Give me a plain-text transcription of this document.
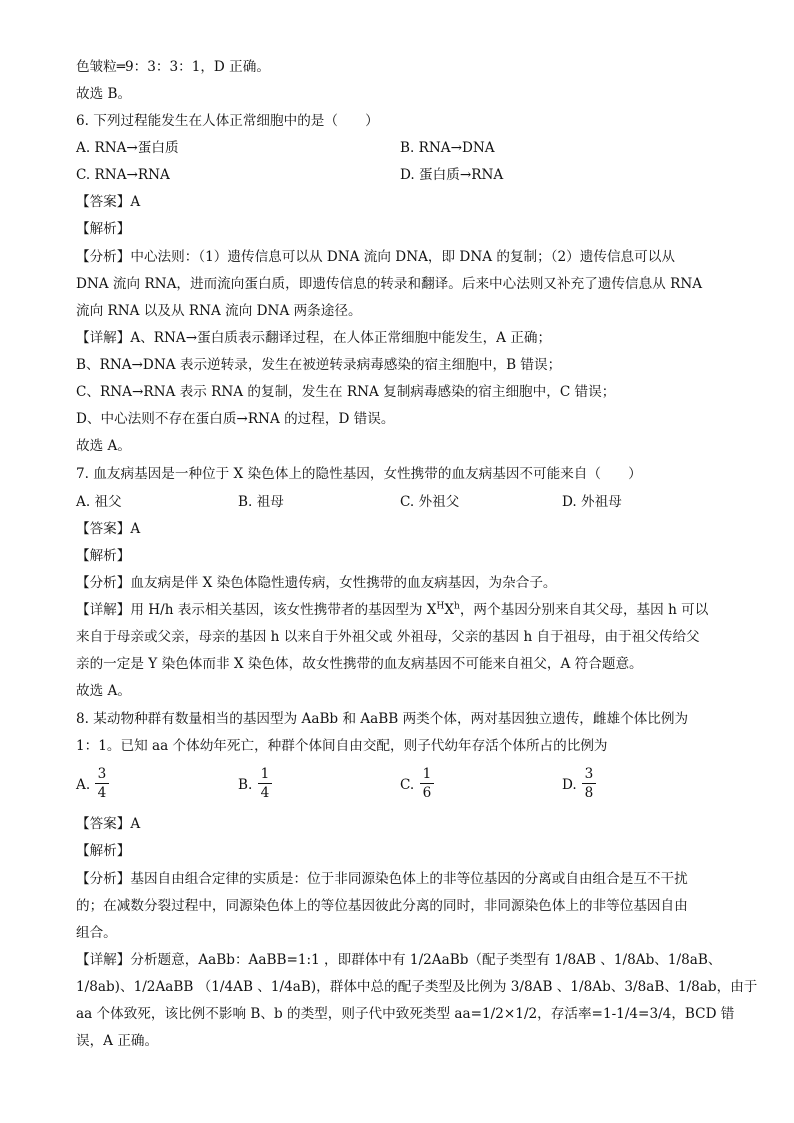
色皱粒═9：3：3：1，D 正确。
故选 B。
6. 下列过程能发生在人体正常细胞中的是（　　）
A. RNA→蛋白质	B. RNA→DNA
C. RNA→RNA	D. 蛋白质→RNA
【答案】A
【解析】
【分析】中心法则：（1）遗传信息可以从 DNA 流向 DNA，即 DNA 的复制；（2）遗传信息可以从
DNA 流向 RNA，进而流向蛋白质，即遗传信息的转录和翻译。后来中心法则又补充了遗传信息从 RNA
流向 RNA 以及从 RNA 流向 DNA 两条途径。
【详解】A、RNA→蛋白质表示翻译过程，在人体正常细胞中能发生，A 正确；
B、RNA→DNA 表示逆转录，发生在被逆转录病毒感染的宿主细胞中，B 错误；
C、RNA→RNA 表示 RNA 的复制，发生在 RNA 复制病毒感染的宿主细胞中，C 错误；
D、中心法则不存在蛋白质→RNA 的过程，D 错误。
故选 A。
7. 血友病基因是一种位于 X 染色体上的隐性基因，女性携带的血友病基因不可能来自（　　）
A. 祖父	B. 祖母	C. 外祖父	D. 外祖母
【答案】A
【解析】
【分析】血友病是伴 X 染色体隐性遗传病，女性携带的血友病基因，为杂合子。
【详解】用 H/h 表示相关基因，该女性携带者的基因型为 $X^HX^h$，两个基因分别来自其父母，基因 h 可以
来自于母亲或父亲，母亲的基因 h 以来自于外祖父或 外祖母，父亲的基因 h 自于祖母，由于祖父传给父
亲的一定是 Y 染色体而非 X 染色体，故女性携带的血友病基因不可能来自祖父，A 符合题意。
故选 A。
8. 某动物种群有数量相当的基因型为 AaBb 和 AaBB 两类个体，两对基因独立遗传，雌雄个体比例为
1：1。已知 aa 个体幼年死亡，种群个体间自由交配，则子代幼年存活个体所占的比例为
A.
3
4	B.
1
4	C.
1
6	D.
3
8
【答案】A
【解析】
【分析】基因自由组合定律的实质是：位于非同源染色体上的非等位基因的分离或自由组合是互不干扰
的；在减数分裂过程中，同源染色体上的等位基因彼此分离的同时，非同源染色体上的非等位基因自由
组合。
【详解】分析题意，AaBb：AaBB=1:1 ，即群体中有 1/2AaBb（配子类型有 1/8AB 、1/8Ab、1/8aB、
1/8ab)、1/2AaBB （1/4AB 、1/4aB)，群体中总的配子类型及比例为 3/8AB 、1/8Ab、3/8aB、1/8ab，由于
aa 个体致死，该比例不影响 B、b 的类型，则子代中致死类型 aa=1/2×1/2，存活率=1-1/4=3/4，BCD 错
误，A 正确。
